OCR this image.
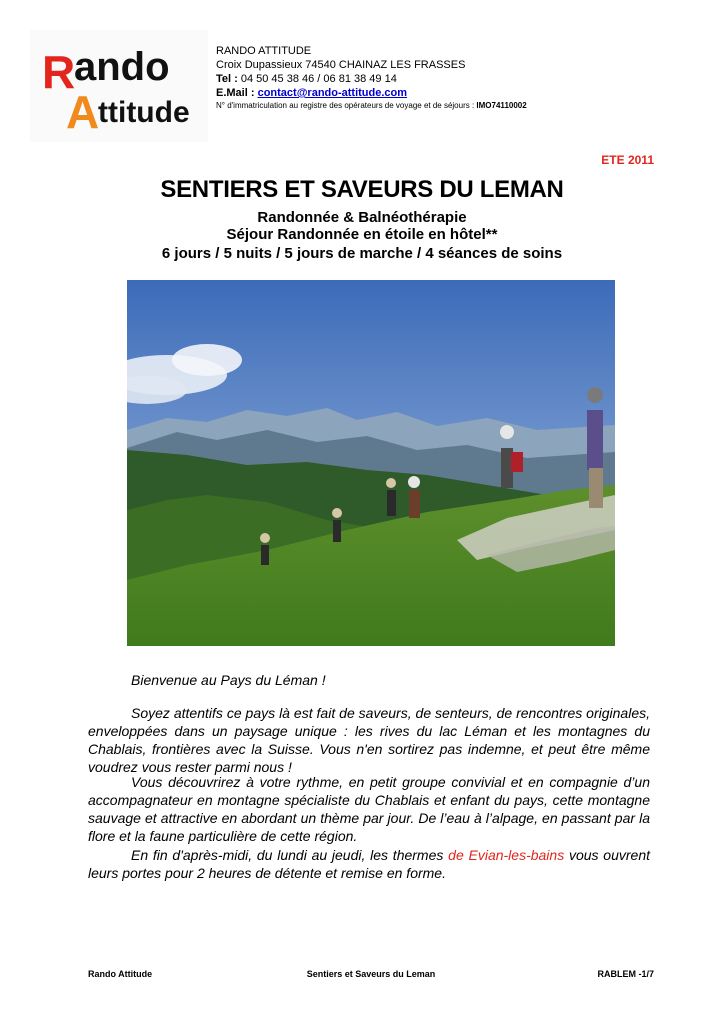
R
ando
A
ttitude
RANDO ATTITUDE
Croix Dupassieux 74540 CHAINAZ LES FRASSES
Tel : 04 50 45 38 46 / 06 81 38 49 14
E.Mail : contact@rando-attitude.com
N° d'immatriculation au registre des opérateurs de voyage et de séjours : IMO74110002
ETE 2011
SENTIERS ET SAVEURS DU LEMAN
Randonnée & Balnéothérapie
Séjour Randonnée en étoile en hôtel**
6 jours / 5 nuits / 5 jours de marche / 4 séances de soins
Bienvenue au Pays du Léman !

Soyez attentifs ce pays là est fait de saveurs, de senteurs, de rencontres originales, enveloppées dans un paysage unique : les rives du lac Léman et les montagnes du Chablais, frontières avec la Suisse. Vous n'en sortirez pas indemne, et peut être même voudrez vous rester parmi nous !

Vous découvrirez à votre rythme, en petit groupe convivial et en compagnie d’un accompagnateur en montagne spécialiste du Chablais et enfant du pays, cette montagne sauvage et attractive en abordant un thème par jour. De l’eau à l’alpage, en passant par la flore et la faune particulière de cette région.

En fin d'après-midi, du lundi au jeudi, les thermes de Evian-les-bains vous ouvrent leurs portes pour 2 heures de détente et remise en forme.

Rando Attitude	Sentiers et Saveurs du Leman	RABLEM -1/7
